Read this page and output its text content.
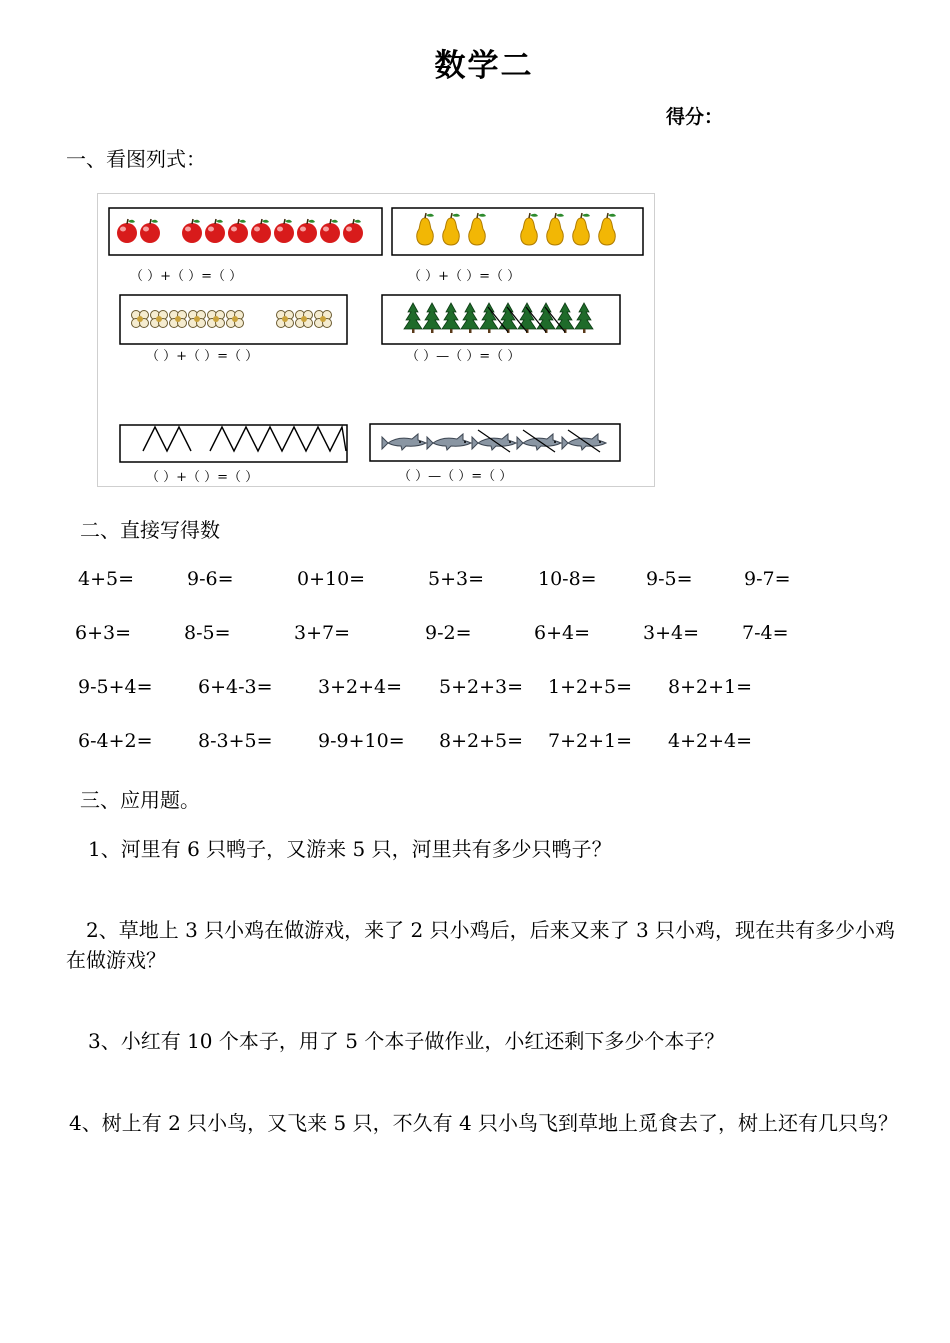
数学二
得分：
一、看图列式：
（ ）+（ ）=（ ）	（ ）+（ ）=（ ）
（ ）+（ ）=（ ）	（ ）—（ ）=（ ）
（ ）+（ ）=（ ）	（ ）—（ ）=（ ）
二、直接写得数
4+5=	9-6=	0+10=	5+3=	10-8=	9-5=	9-7=
6+3=	8-5=	3+7=	9-2=	6+4=	3+4= 7-4=
9-5+4= 6+4-3= 3+2+4= 5+2+3= 1+2+5= 8+2+1=
6-4+2= 8-3+5= 9-9+10= 8+2+5= 7+2+1= 4+2+4=
三、应用题。
1、河里有 6 只鸭子，又游来 5 只，河里共有多少只鸭子？
2、草地上 3 只小鸡在做游戏，来了 2 只小鸡后，后来又来了 3 只小鸡，现在共有多少小鸡在做游戏？
3、小红有 10 个本子，用了 5 个本子做作业，小红还剩下多少个本子？
4、树上有 2 只小鸟，又飞来 5 只，不久有 4 只小鸟飞到草地上觅食去了，树上还有几只鸟？
